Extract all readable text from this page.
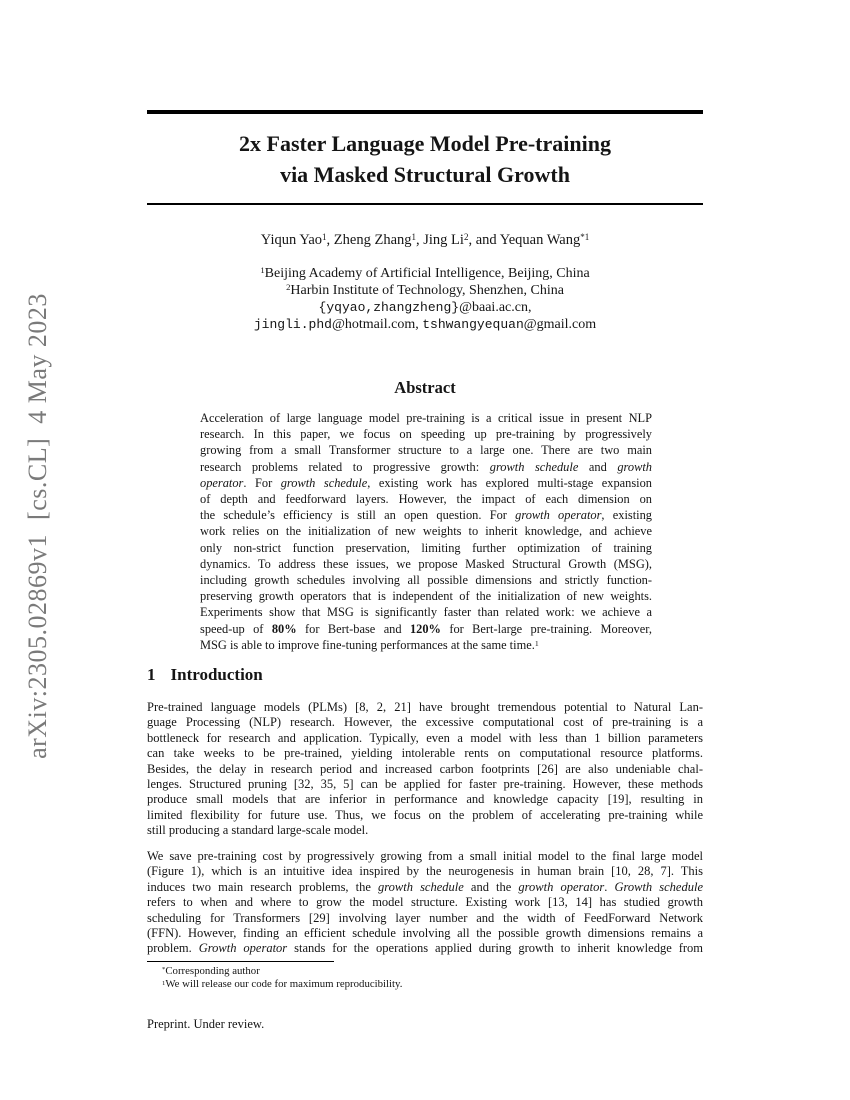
arXiv:2305.02869v1  [cs.CL]  4 May 2023
2x Faster Language Model Pre-training
via Masked Structural Growth
Yiqun Yao$^1$, Zheng Zhang$^1$, Jing Li$^2$, and Yequan Wang$^{*1}$
$^1$Beijing Academy of Artificial Intelligence, Beijing, China
$^2$Harbin Institute of Technology, Shenzhen, China
{yqyao,zhangzheng}@baai.ac.cn,
jingli.phd@hotmail.com, tshwangyequan@gmail.com
Abstract
Acceleration of large language model pre-training is a critical issue in present NLP
research. In this paper, we focus on speeding up pre-training by progressively
growing from a small Transformer structure to a large one. There are two main
research problems related to progressive growth: growth schedule and growth
operator. For growth schedule, existing work has explored multi-stage expansion
of depth and feedforward layers. However, the impact of each dimension on
the schedule’s efficiency is still an open question. For growth operator, existing
work relies on the initialization of new weights to inherit knowledge, and achieve
only non-strict function preservation, limiting further optimization of training
dynamics. To address these issues, we propose Masked Structural Growth (MSG),
including growth schedules involving all possible dimensions and strictly function-
preserving growth operators that is independent of the initialization of new weights.
Experiments show that MSG is significantly faster than related work: we achieve a
speed-up of 80% for Bert-base and 120% for Bert-large pre-training. Moreover,
MSG is able to improve fine-tuning performances at the same time.$^1$
1 Introduction
Pre-trained language models (PLMs) [8, 2, 21] have brought tremendous potential to Natural Lan-
guage Processing (NLP) research. However, the excessive computational cost of pre-training is a
bottleneck for research and application. Typically, even a model with less than 1 billion parameters
can take weeks to be pre-trained, yielding intolerable rents on computational resource platforms.
Besides, the delay in research period and increased carbon footprints [26] are also undeniable chal-
lenges. Structured pruning [32, 35, 5] can be applied for faster pre-training. However, these methods
produce small models that are inferior in performance and knowledge capacity [19], resulting in
limited flexibility for future use. Thus, we focus on the problem of accelerating pre-training while
still producing a standard large-scale model.
We save pre-training cost by progressively growing from a small initial model to the final large model
(Figure 1), which is an intuitive idea inspired by the neurogenesis in human brain [10, 28, 7]. This
induces two main research problems, the growth schedule and the growth operator. Growth schedule
refers to when and where to grow the model structure. Existing work [13, 14] has studied growth
scheduling for Transformers [29] involving layer number and the width of FeedForward Network
(FFN). However, finding an efficient schedule involving all the possible growth dimensions remains a
problem. Growth operator stands for the operations applied during growth to inherit knowledge from
*Corresponding author
$^1$We will release our code for maximum reproducibility.
Preprint. Under review.
